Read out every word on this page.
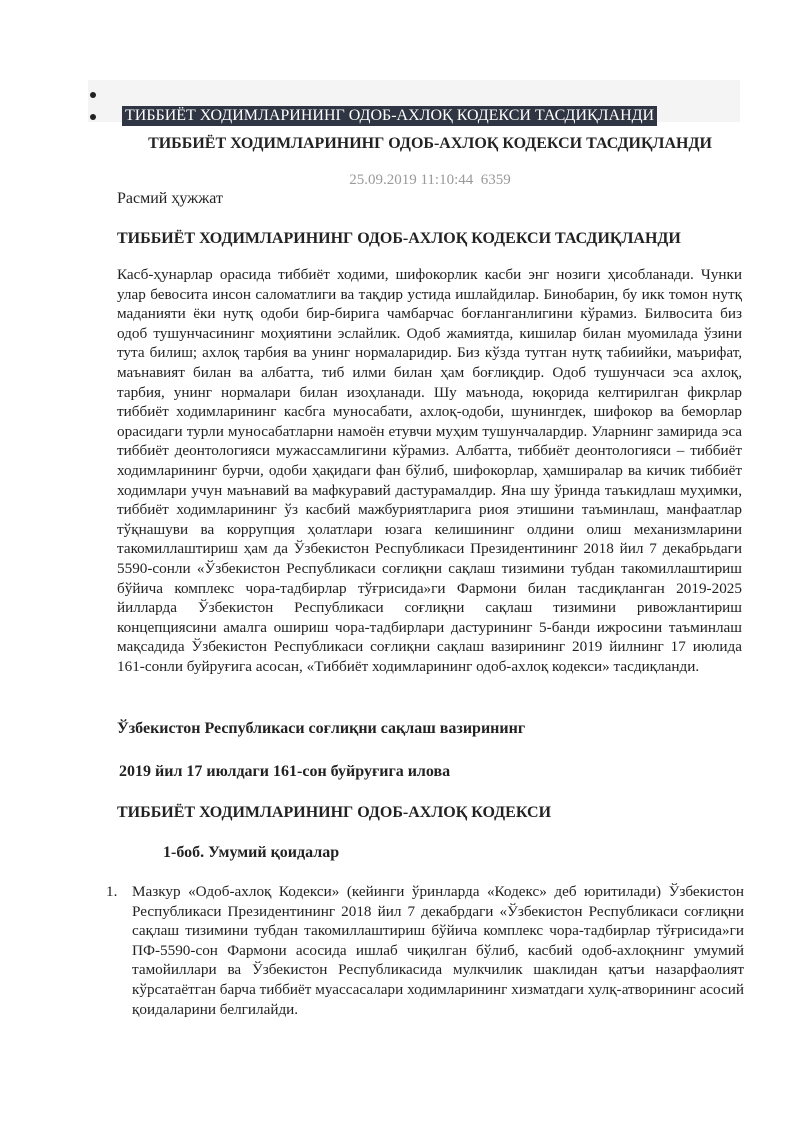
ТИББИЁТ ХОДИМЛАРИНИНГ ОДОБ-АХЛОҚ КОДЕКСИ ТАСДИҚЛАНДИ
ТИББИЁТ ХОДИМЛАРИНИНГ ОДОБ-АХЛОҚ КОДЕКСИ ТАСДИҚЛАНДИ
25.09.2019 11:10:44 6359
Расмий ҳужжат
ТИББИЁТ ХОДИМЛАРИНИНГ ОДОБ-АХЛОҚ КОДЕКСИ ТАСДИҚЛАНДИ

Касб-ҳунарлар орасида тиббиёт ходими, шифокорлик касби энг нозиги ҳисобланади. Чунки улар бевосита инсон саломатлиги ва тақдир устида ишлайдилар. Бинобарин, бу икк томон нутқ маданияти ёки нутқ одоби бир-бирига чамбарчас боғланганлигини кўрамиз. Билвосита биз одоб тушунчасининг моҳиятини эслайлик. Одоб жамиятда, кишилар билан муомилада ўзини тута билиш; ахлоқ тарбия ва унинг нормаларидир. Биз кўзда тутган нутқ табиийки, маърифат, маънавият билан ва албатта, тиб илми билан ҳам боғлиқдир. Одоб тушунчаси эса ахлоқ, тарбия, унинг нормалари билан изоҳланади. Шу маънода, юқорида келтирилган фикрлар тиббиёт ходимларининг касбга муносабати, ахлоқ-одоби, шунингдек, шифокор ва беморлар орасидаги турли муносабатларни намоён етувчи муҳим тушунчалардир. Уларнинг замирида эса тиббиёт деонтологияси мужассамлигини кўрамиз. Албатта, тиббиёт деонтологияси – тиббиёт ходимларининг бурчи, одоби ҳақидаги фан бўлиб, шифокорлар, ҳамширалар ва кичик тиббиёт ходимлари учун маънавий ва мафкуравий дастурамалдир. Яна шу ўринда таъкидлаш муҳимки, тиббиёт ходимларининг ўз касбий мажбуриятларига риоя этишини таъминлаш, манфаатлар тўқнашуви ва коррупция ҳолатлари юзага келишининг олдини олиш механизмларини такомиллаштириш ҳам да Ўзбекистон Республикаси Президентининг 2018 йил 7 декабрьдаги 5590-сонли «Ўзбекистон Республикаси соғлиқни сақлаш тизимини тубдан такомиллаштириш бўйича комплекс чора-тадбирлар тўғрисида»ги Фармони билан тасдиқланган 2019-2025 йилларда Ўзбекистон Республикаси соғлиқни сақлаш тизимини ривожлантириш концепциясини амалга ошириш чора-тадбирлари дастурининг 5-банди ижросини таъминлаш мақсадида Ўзбекистон Республикаси соғлиқни сақлаш вазирининг 2019 йилнинг 17 июлида 161-сонли буйруғига асосан, «Тиббиёт ходимларининг одоб-ахлоқ кодекси» тасдиқланди.

Ўзбекистон Республикаси соғлиқни сақлаш вазирининг
2019 йил 17 июлдаги 161-сон буйруғига илова
ТИББИЁТ ХОДИМЛАРИНИНГ ОДОБ-АХЛОҚ КОДЕКСИ
1-боб. Умумий қоидалар
1. Мазкур «Одоб-ахлоқ Кодекси» (кейинги ўринларда «Кодекс» деб юритилади) Ўзбекистон Республикаси Президентининг 2018 йил 7 декабрдаги «Ўзбекистон Республикаси соғлиқни сақлаш тизимини тубдан такомиллаштириш бўйича комплекс чора-тадбирлар тўғрисида»ги ПФ-5590-сон Фармони асосида ишлаб чиқилган бўлиб, касбий одоб-ахлоқнинг умумий тамойиллари ва Ўзбекистон Республикасида мулкчилик шаклидан қатъи назарфаолият кўрсатаётган барча тиббиёт муассасалари ходимларининг хизматдаги хулқ-атворининг асосий қоидаларини белгилайди.
